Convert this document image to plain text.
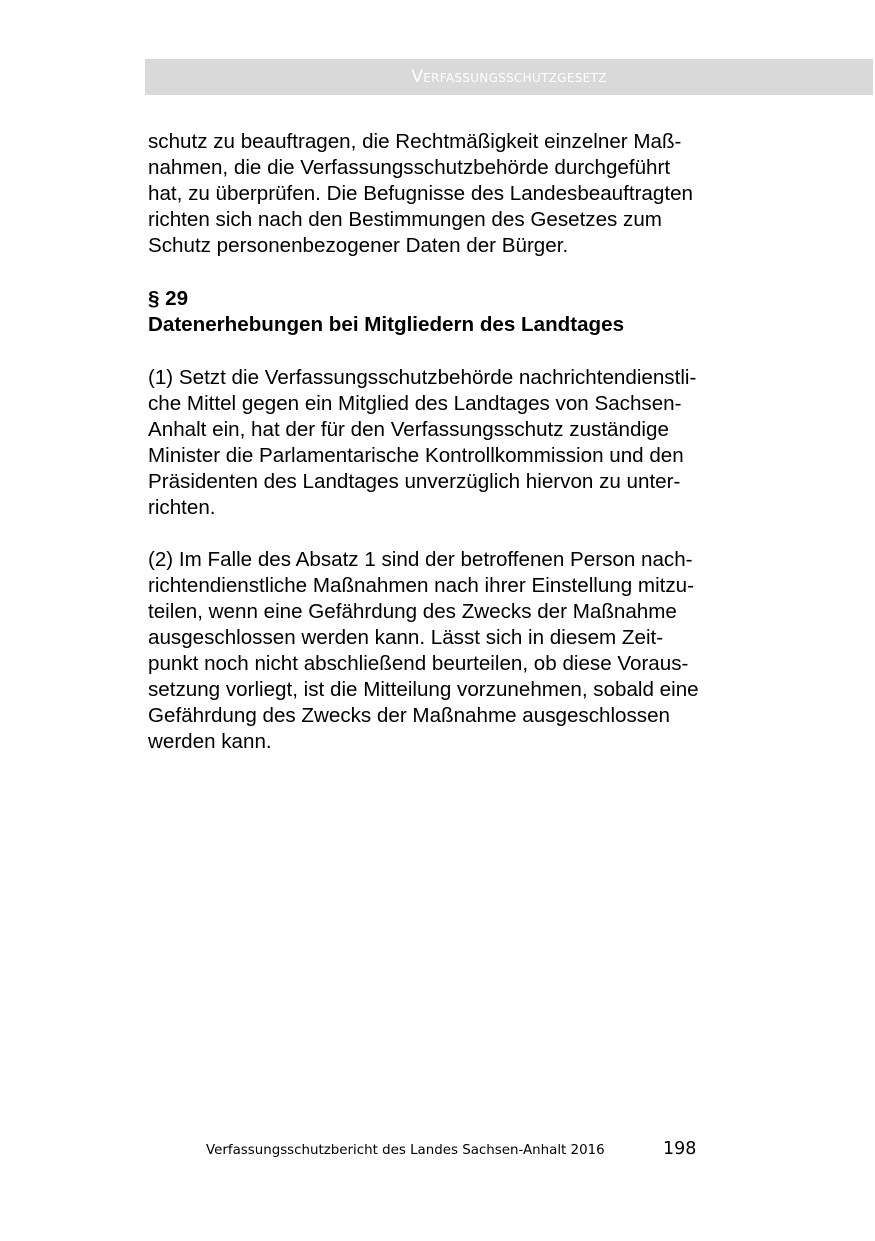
Verfassungsschutzgesetz

schutz zu beauftragen, die Rechtmäßigkeit einzelner Maß-
nahmen, die die Verfassungsschutzbehörde durchgeführt
hat, zu überprüfen. Die Befugnisse des Landesbeauftragten
richten sich nach den Bestimmungen des Gesetzes zum
Schutz personenbezogener Daten der Bürger.

§ 29

Datenerhebungen bei Mitgliedern des Landtages

(1) Setzt die Verfassungsschutzbehörde nachrichtendienstli-
che Mittel gegen ein Mitglied des Landtages von Sachsen-
Anhalt ein, hat der für den Verfassungsschutz zuständige
Minister die Parlamentarische Kontrollkommission und den
Präsidenten des Landtages unverzüglich hiervon zu unter-
richten.

(2) Im Falle des Absatz 1 sind der betroffenen Person nach-
richtendienstliche Maßnahmen nach ihrer Einstellung mitzu-
teilen, wenn eine Gefährdung des Zwecks der Maßnahme
ausgeschlossen werden kann. Lässt sich in diesem Zeit-
punkt noch nicht abschließend beurteilen, ob diese Voraus-
setzung vorliegt, ist die Mitteilung vorzunehmen, sobald eine
Gefährdung des Zwecks der Maßnahme ausgeschlossen
werden kann.

Verfassungsschutzbericht des Landes Sachsen-Anhalt 2016	198
